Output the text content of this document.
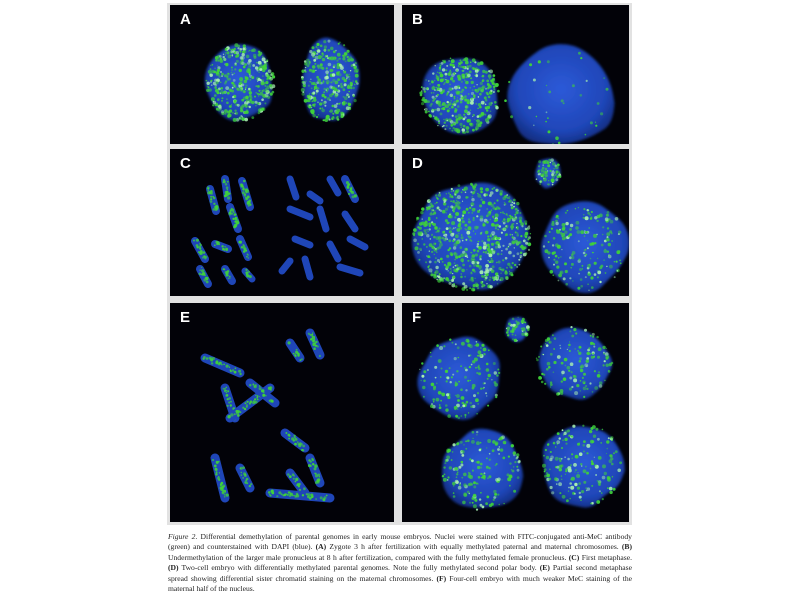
A	B
C	D
E	F
Figure 2. Differential demethylation of parental genomes in early mouse embryos. Nuclei were stained with FITC-conjugated anti-MeC antibody (green) and counterstained with DAPI (blue). (A) Zygote 3 h after fertilization with equally methylated paternal and maternal chromosomes. (B) Undermethylation of the larger male pronucleus at 8 h after fertilization, compared with the fully methylated female pronucleus. (C) First metaphase. (D) Two-cell embryo with differentially methylated parental genomes. Note the fully methylated second polar body. (E) Partial second metaphase spread showing differential sister chromatid staining on the maternal chromosomes. (F) Four-cell embryo with much weaker MeC staining of the maternal half of the nucleus.
